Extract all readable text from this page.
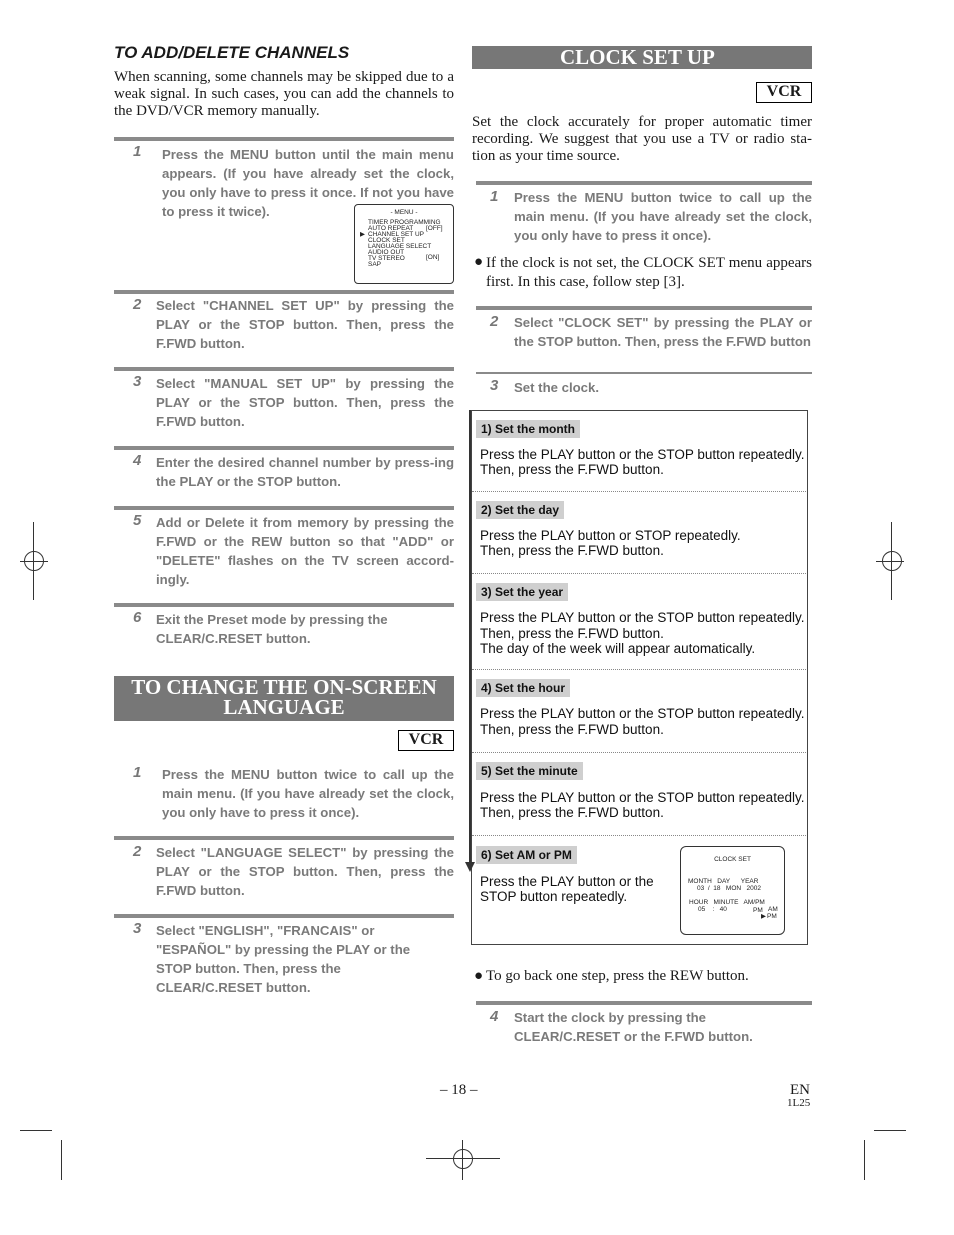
TO ADD/DELETE CHANNELS
When scanning, some channels may be skipped due to a weak signal. In such cases, you can add the channels to the DVD/VCR memory manually.
1 Press the MENU button until the main menu appears. (If you have already set the clock, you only have to press it once. If not you have to press it twice).	- MENU -
TIMER PROGRAMMING
AUTO REPEAT [OFF]
▶ CHANNEL SET UP
CLOCK SET
LANGUAGE SELECT
AUDIO OUT
TV STEREO	[ON]
SAP
2 Select "CHANNEL SET UP" by pressing the PLAY or the STOP button. Then, press the F.FWD button.
3 Select "MANUAL SET UP" by pressing the PLAY or the STOP button. Then, press the F.FWD button.
4 Enter the desired channel number by press-ing the PLAY or the STOP button.
5 Add or Delete it from memory by pressing the F.FWD or the REW button so that "ADD" or "DELETE" flashes on the TV screen accord-ingly.
6 Exit the Preset mode by pressing the CLEAR/C.RESET button.
TO CHANGE THE ON-SCREEN
LANGUAGE
VCR
1 Press the MENU button twice to call up the main menu. (If you have already set the clock, you only have to press it once).
2 Select "LANGUAGE SELECT" by pressing the PLAY or the STOP button. Then, press the F.FWD button.
3 Select "ENGLISH", "FRANCAIS" or "ESPAÑOL" by pressing the PLAY or the STOP button. Then, press the CLEAR/C.RESET button.
CLOCK SET UP
VCR
Set the clock accurately for proper automatic timer recording. We suggest that you use a TV or radio sta-tion as your time source.
1 Press the MENU button twice to call up the main menu. (If you have already set the clock, you only have to press it once).
● If the clock is not set, the CLOCK SET menu appears first. In this case, follow step [3].
2 Select "CLOCK SET" by pressing the PLAY or the STOP button. Then, press the F.FWD button
3 Set the clock.
1) Set the month
Press the PLAY button or the STOP button repeatedly.
Then, press the F.FWD button.
2) Set the day
Press the PLAY button or STOP repeatedly.
Then, press the F.FWD button.
3) Set the year
Press the PLAY button or the STOP button repeatedly.
Then, press the F.FWD button.
The day of the week will appear automatically.
4) Set the hour
Press the PLAY button or the STOP button repeatedly.
Then, press the F.FWD button.
5) Set the minute
Press the PLAY button or the STOP button repeatedly.
Then, press the F.FWD button.
6) Set AM or PM
Press the PLAY button or the
STOP button repeatedly.
CLOCK SET
MONTH   DAY      YEAR
03  /  18   MON   2002
HOUR   MINUTE   AM/PM
05    :   40	AM
PM
PM
▶
● To go back one step, press the REW button.
4 Start the clock by pressing the CLEAR/C.RESET or the F.FWD button.
– 18 –	EN
1L25
